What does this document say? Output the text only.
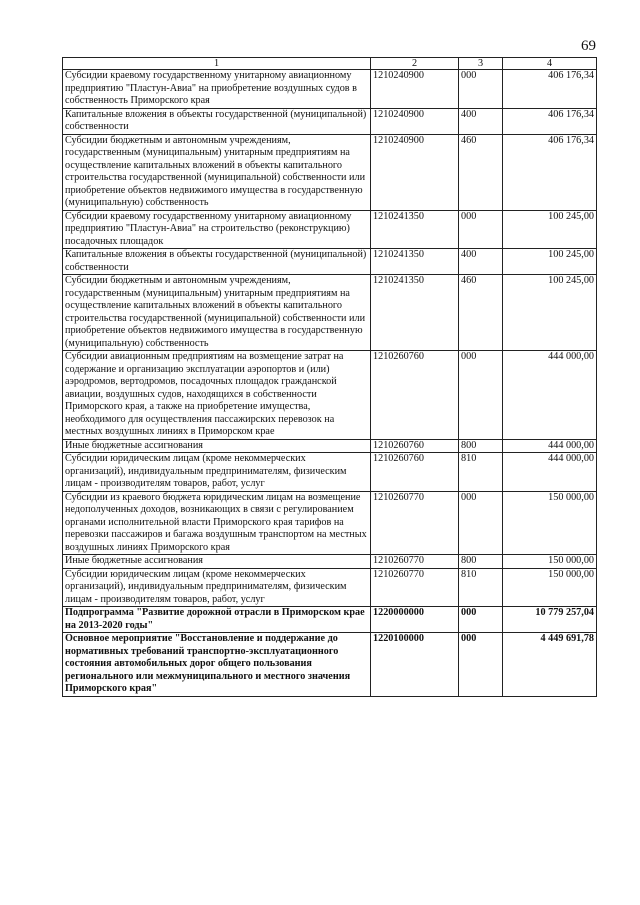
69
1	2	3	4
Субсидии краевому государственному унитарному авиационному предприятию "Пластун-Авиа" на приобретение воздушных судов в собственность Приморского края	1210240900	000	406 176,34
Капитальные вложения в объекты государственной (муниципальной) собственности	1210240900	400	406 176,34
Субсидии бюджетным и автономным учреждениям, государственным (муниципальным) унитарным предприятиям на осуществление капитальных вложений в объекты капитального строительства государственной (муниципальной) собственности или приобретение объектов недвижимого имущества в государственную (муниципальную) собственность	1210240900	460	406 176,34
Субсидии краевому государственному унитарному авиационному предприятию "Пластун-Авиа" на строительство (реконструкцию) посадочных площадок	1210241350	000	100 245,00
Капитальные вложения в объекты государственной (муниципальной) собственности	1210241350	400	100 245,00
Субсидии бюджетным и автономным учреждениям, государственным (муниципальным) унитарным предприятиям на осуществление капитальных вложений в объекты капитального строительства государственной (муниципальной) собственности или приобретение объектов недвижимого имущества в государственную (муниципальную) собственность	1210241350	460	100 245,00
Субсидии авиационным предприятиям на возмещение затрат на содержание и организацию эксплуатации аэропортов и (или) аэродромов, вертодромов, посадочных площадок гражданской авиации, воздушных судов, находящихся в собственности Приморского края, а также на приобретение имущества, необходимого для осуществления пассажирских перевозок на местных воздушных линиях в Приморском крае	1210260760	000	444 000,00
Иные бюджетные ассигнования	1210260760	800	444 000,00
Субсидии юридическим лицам (кроме некоммерческих организаций), индивидуальным предпринимателям, физическим лицам - производителям товаров, работ, услуг	1210260760	810	444 000,00
Субсидии из краевого бюджета юридическим лицам на возмещение недополученных доходов, возникающих в связи с регулированием органами исполнительной власти Приморского края тарифов на перевозки пассажиров и багажа воздушным транспортом на местных воздушных линиях Приморского края	1210260770	000	150 000,00
Иные бюджетные ассигнования	1210260770	800	150 000,00
Субсидии юридическим лицам (кроме некоммерческих организаций), индивидуальным предпринимателям, физическим лицам - производителям товаров, работ, услуг	1210260770	810	150 000,00
Подпрограмма "Развитие дорожной отрасли в Приморском крае на 2013-2020 годы"	1220000000	000	10 779 257,04
Основное мероприятие "Восстановление и поддержание до нормативных требований транспортно-эксплуатационного состояния автомобильных дорог общего пользования регионального или межмуниципального и местного значения Приморского края"	1220100000	000	4 449 691,78
